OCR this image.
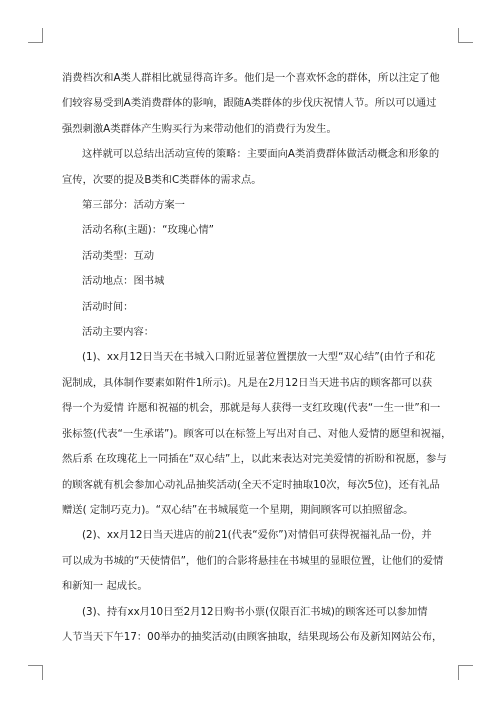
消费档次和A类人群相比就显得高许多。他们是一个喜欢怀念的群体，所以注定了他
们较容易受到A类消费群体的影响，跟随A类群体的步伐庆祝情人节。所以可以通过
强烈刺激A类群体产生购买行为来带动他们的消费行为发生。
这样就可以总结出活动宣传的策略：主要面向A类消费群体做活动概念和形象的
宣传，次要的提及B类和C类群体的需求点。
第三部分：活动方案一
活动名称(主题)：“玫瑰心情”
活动类型：互动
活动地点：图书城
活动时间：
活动主要内容：
(1)、xx月12日当天在书城入口附近显著位置摆放一大型“双心结”(由竹子和花
泥制成，具体制作要素如附件1所示)。凡是在2月12日当天进书店的顾客都可以获
得一个为爱情 许愿和祝福的机会，那就是每人获得一支红玫瑰(代表“一生一世”和一
张标签(代表“一生承诺”)。顾客可以在标签上写出对自己、对他人爱情的愿望和祝福，
然后系 在玫瑰花上一同插在“双心结”上，以此来表达对完美爱情的祈盼和祝愿，参与
的顾客就有机会参加心动礼品抽奖活动(全天不定时抽取10次，每次5位)，还有礼品
赠送( 定制巧克力)。“双心结”在书城展览一个星期，期间顾客可以拍照留念。
(2)、xx月12日当天进店的前21(代表“爱你”)对情侣可获得祝福礼品一份，并
可以成为书城的“天使情侣”，他们的合影将悬挂在书城里的显眼位置，让他们的爱情
和新知一 起成长。
(3)、持有xx月10日至2月12日购书小票(仅限百汇书城)的顾客还可以参加情
人节当天下午17：00举办的抽奖活动(由顾客抽取，结果现场公布及新知网站公布，
